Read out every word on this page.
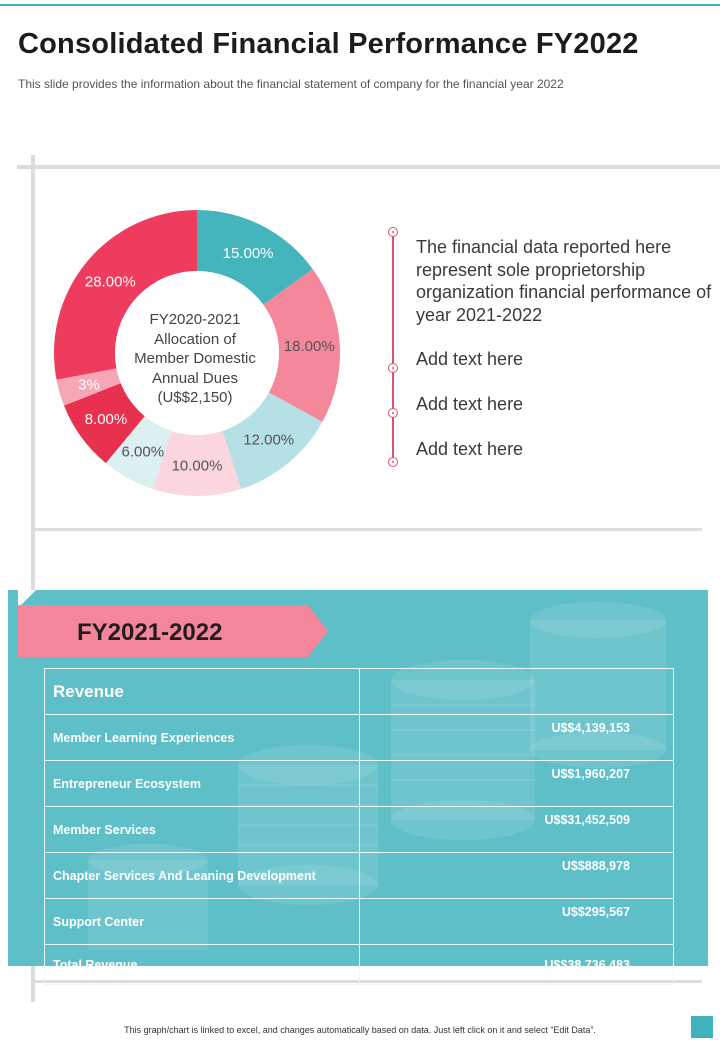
Consolidated Financial Performance FY2022
This slide provides the information about the financial statement of company for the financial year 2022
15.00%
18.00%
12.00%
10.00%
6.00%
8.00%
3%
28.00%
FY2020-2021
Allocation of
Member Domestic
Annual Dues
(U$$2,150)
The financial data reported here represent sole proprietorship organization financial performance of year 2021-2022
Add text here
Add text here
Add text here
FY2021-2022
Revenue	
Member Learning Experiences	U$$4,139,153
Entrepreneur Ecosystem	U$$1,960,207
Member Services	U$$31,452,509
Chapter Services And Leaning Development	U$$888,978
Support Center	U$$295,567
Total Revenue	U$$38,736,483
This graph/chart is linked to excel, and changes automatically based on data. Just left click on it and select “Edit Data”.
